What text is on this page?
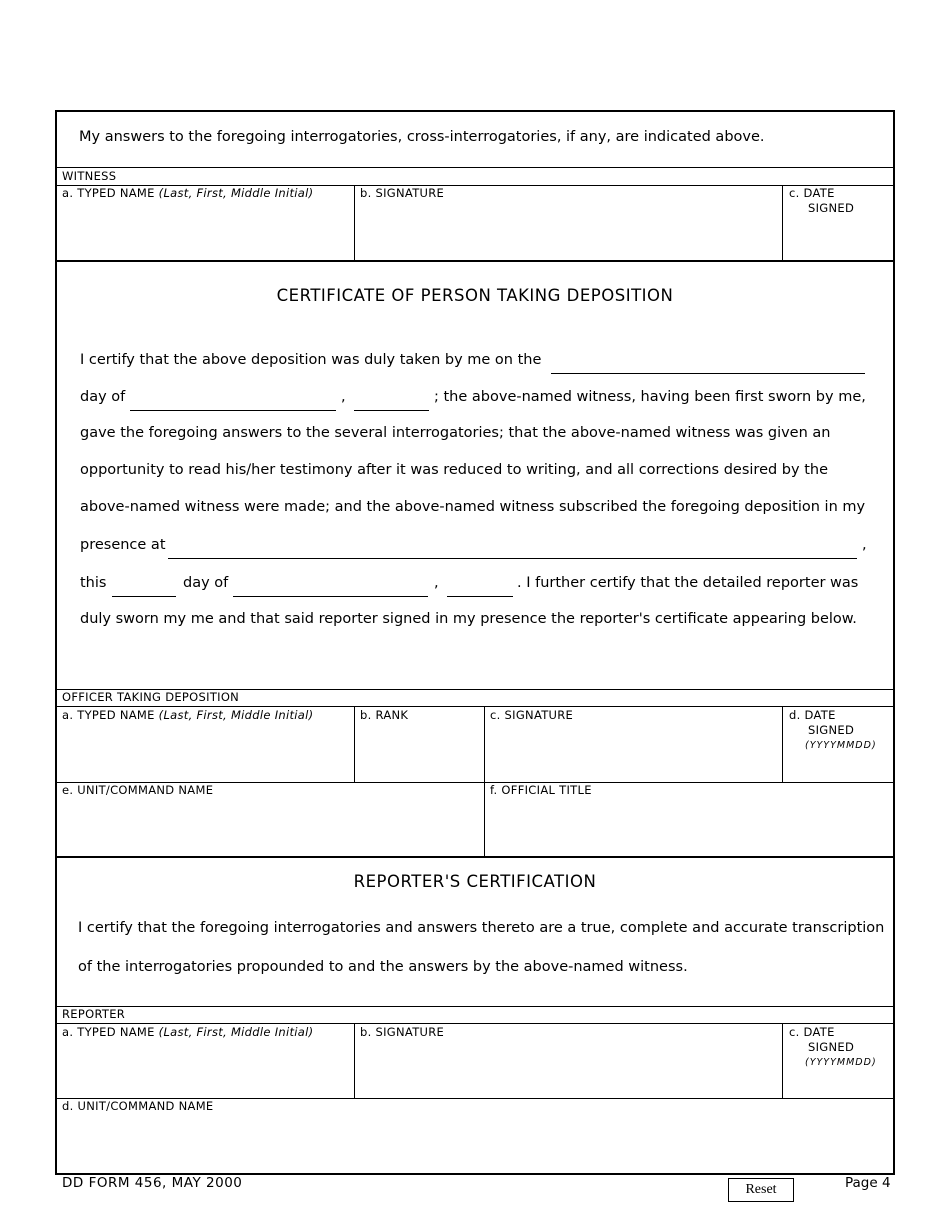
My answers to the foregoing interrogatories, cross-interrogatories, if any, are indicated above.
WITNESS
a. TYPED NAME (Last, First, Middle Initial)	b. SIGNATURE	c. DATE
SIGNED
CERTIFICATE OF PERSON TAKING DEPOSITION
I certify that the above deposition was duly taken by me on the
day of	,	; the above-named witness, having been first sworn by me,
gave the foregoing answers to the several interrogatories; that the above-named witness was given an
opportunity to read his/her testimony after it was reduced to writing, and all corrections desired by the
above-named witness were made; and the above-named witness subscribed the foregoing deposition in my
presence at	,
this	day of	,	. I further certify that the detailed reporter was
duly sworn my me and that said reporter signed in my presence the reporter's certificate appearing below.
OFFICER TAKING DEPOSITION
a. TYPED NAME (Last, First, Middle Initial)	b. RANK	c. SIGNATURE	d. DATE
SIGNED
(YYYYMMDD)
e. UNIT/COMMAND NAME	f. OFFICIAL TITLE
REPORTER'S CERTIFICATION
I certify that the foregoing interrogatories and answers thereto are a true, complete and accurate transcription
of the interrogatories propounded to and the answers by the above-named witness.
REPORTER
a. TYPED NAME (Last, First, Middle Initial)	b. SIGNATURE	c. DATE
SIGNED
(YYYYMMDD)
d. UNIT/COMMAND NAME
DD FORM 456, MAY 2000	Reset	Page 4
